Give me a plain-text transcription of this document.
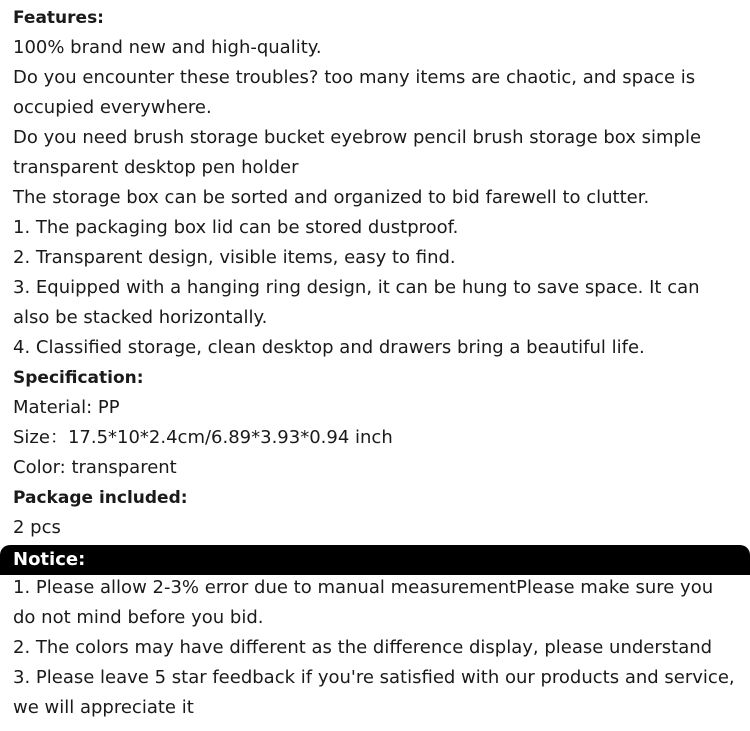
Features:
100% brand new and high-quality.
Do you encounter these troubles? too many items are chaotic, and space is occupied everywhere.
Do you need brush storage bucket eyebrow pencil brush storage box simple transparent desktop pen holder
The storage box can be sorted and organized to bid farewell to clutter.
1. The packaging box lid can be stored dustproof.
2. Transparent design, visible items, easy to find.
3. Equipped with a hanging ring design, it can be hung to save space. It can also be stacked horizontally.
4. Classified storage, clean desktop and drawers bring a beautiful life.
Specification:
Material: PP
Size：17.5*10*2.4cm/6.89*3.93*0.94 inch
Color: transparent
Package included:
2 pcs
Notice:
1. Please allow 2-3% error due to manual measurementPlease make sure you do not mind before you bid.
2. The colors may have different as the difference display, please understand
3. Please leave 5 star feedback if you're satisfied with our products and service, we will appreciate it
